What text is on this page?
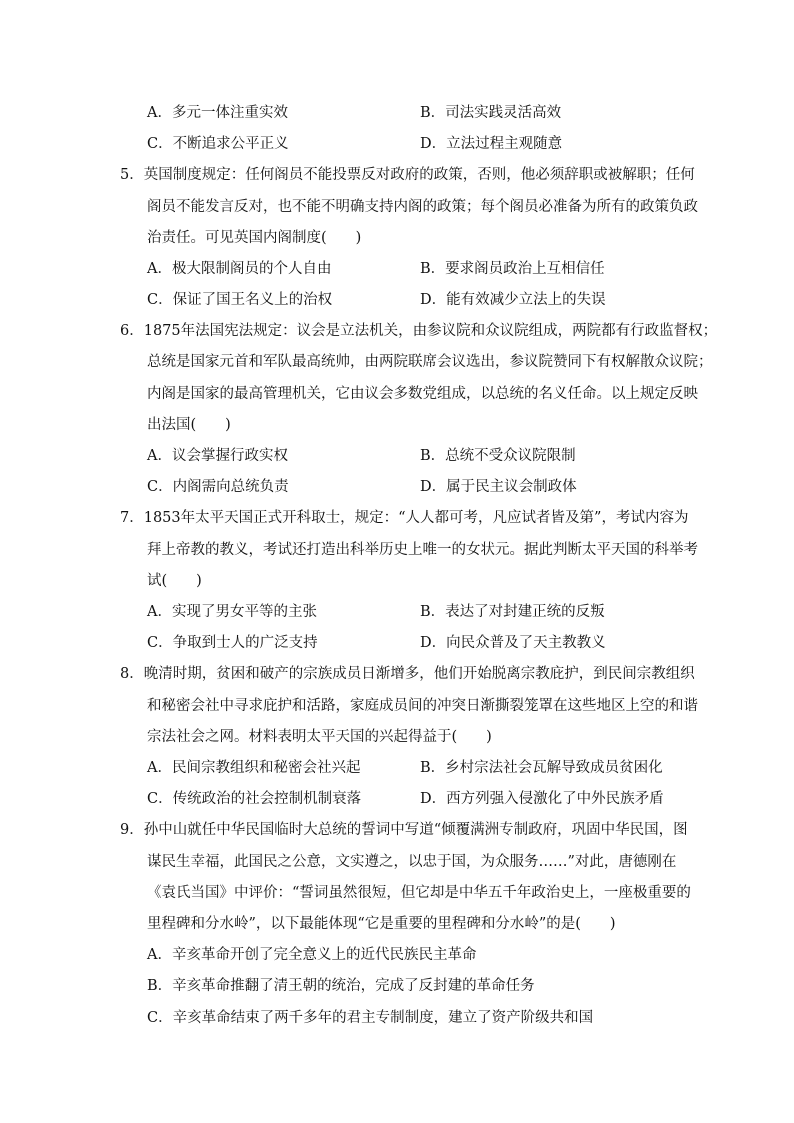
A．多元一体注重实效	B．司法实践灵活高效
C．不断追求公平正义	D．立法过程主观随意
5．英国制度规定：任何阁员不能投票反对政府的政策，否则，他必须辞职或被解职；任何
阁员不能发言反对，也不能不明确支持内阁的政策；每个阁员必准备为所有的政策负政
治责任。可见英国内阁制度(　　)
A．极大限制阁员的个人自由	B．要求阁员政治上互相信任
C．保证了国王名义上的治权	D．能有效减少立法上的失误
6．1875年法国宪法规定：议会是立法机关，由参议院和众议院组成，两院都有行政监督权；
总统是国家元首和军队最高统帅，由两院联席会议选出，参议院赞同下有权解散众议院；
内阁是国家的最高管理机关，它由议会多数党组成，以总统的名义任命。以上规定反映
出法国(　　)
A．议会掌握行政实权	B．总统不受众议院限制
C．内阁需向总统负责	D．属于民主议会制政体
7．1853年太平天国正式开科取士，规定：“人人都可考，凡应试者皆及第”，考试内容为
拜上帝教的教义，考试还打造出科举历史上唯一的女状元。据此判断太平天国的科举考
试(　　)
A．实现了男女平等的主张	B．表达了对封建正统的反叛
C．争取到士人的广泛支持	D．向民众普及了天主教教义
8．晚清时期，贫困和破产的宗族成员日渐增多，他们开始脱离宗教庇护，到民间宗教组织
和秘密会社中寻求庇护和活路，家庭成员间的冲突日渐撕裂笼罩在这些地区上空的和谐
宗法社会之网。材料表明太平天国的兴起得益于(　　)
A．民间宗教组织和秘密会社兴起	B．乡村宗法社会瓦解导致成员贫困化
C．传统政治的社会控制机制衰落	D．西方列强入侵激化了中外民族矛盾
9．孙中山就任中华民国临时大总统的誓词中写道“倾覆满洲专制政府，巩固中华民国，图
谋民生幸福，此国民之公意，文实遵之，以忠于国，为众服务……”对此，唐德刚在
《袁氏当国》中评价：“誓词虽然很短，但它却是中华五千年政治史上，一座极重要的
里程碑和分水岭”，以下最能体现“它是重要的里程碑和分水岭”的是(　　)
A．辛亥革命开创了完全意义上的近代民族民主革命
B．辛亥革命推翻了清王朝的统治，完成了反封建的革命任务
C．辛亥革命结束了两千多年的君主专制制度，建立了资产阶级共和国
